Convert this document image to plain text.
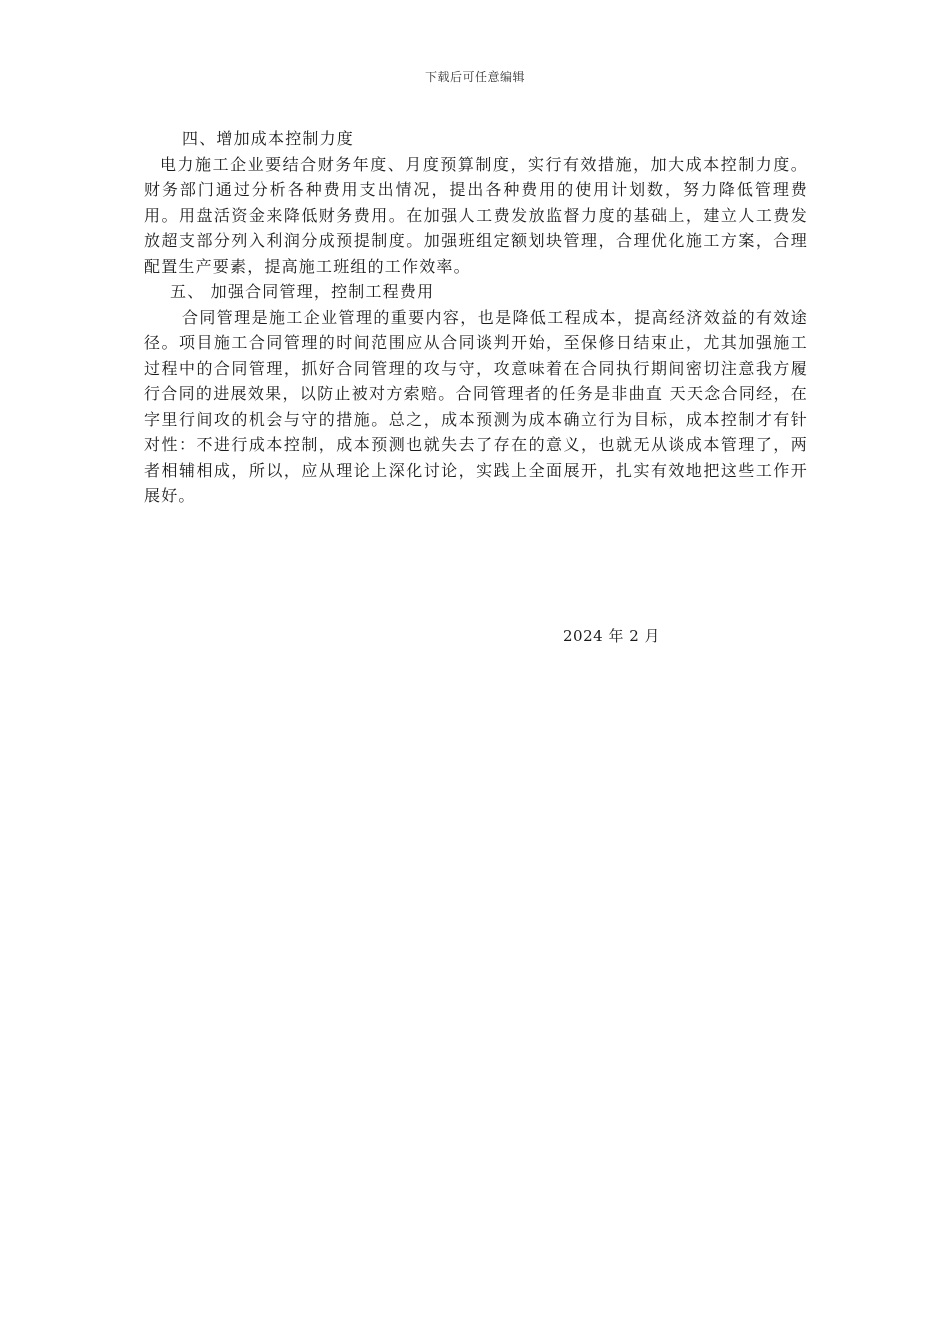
下载后可任意编辑

四、增加成本控制力度

电力施工企业要结合财务年度、月度预算制度，实行有效措施，加大成本控制力度。财务部门通过分析各种费用支出情况，提出各种费用的使用计划数，努力降低管理费用。用盘活资金来降低财务费用。在加强人工费发放监督力度的基础上，建立人工费发放超支部分列入利润分成预提制度。加强班组定额划块管理，合理优化施工方案，合理配置生产要素，提高施工班组的工作效率。

五、 加强合同管理，控制工程费用

合同管理是施工企业管理的重要内容，也是降低工程成本，提高经济效益的有效途径。项目施工合同管理的时间范围应从合同谈判开始，至保修日结束止，尤其加强施工过程中的合同管理，抓好合同管理的攻与守，攻意味着在合同执行期间密切注意我方履行合同的进展效果，以防止被对方索赔。合同管理者的任务是非曲直 天天念合同经，在字里行间攻的机会与守的措施。总之，成本预测为成本确立行为目标，成本控制才有针对性：不进行成本控制，成本预测也就失去了存在的意义，也就无从谈成本管理了，两者相辅相成，所以，应从理论上深化讨论，实践上全面展开，扎实有效地把这些工作开展好。

2024 年 2 月
